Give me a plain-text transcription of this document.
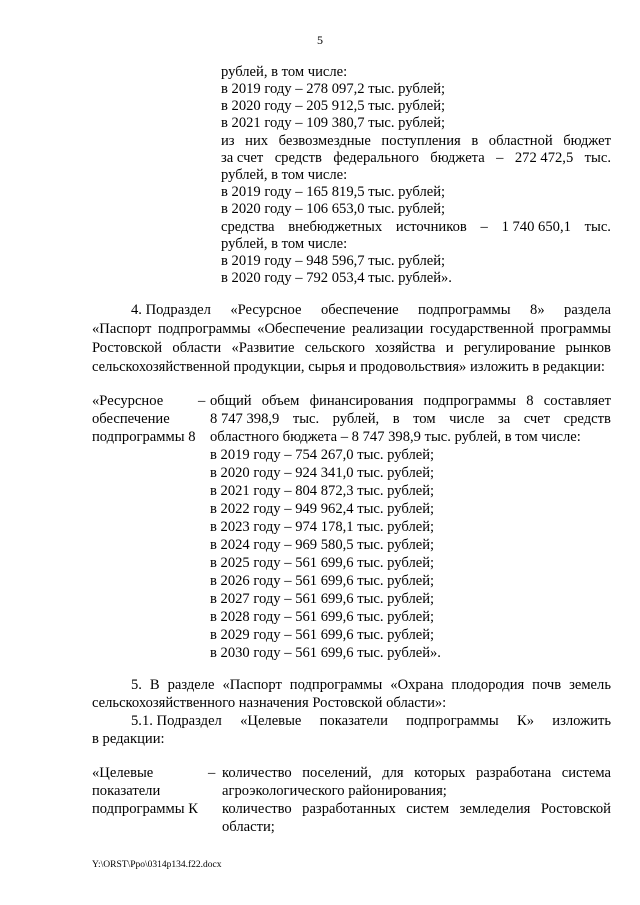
5
рублей, в том числе:
в 2019 году – 278 097,2 тыс. рублей;
в 2020 году – 205 912,5 тыс. рублей;
в 2021 году – 109 380,7 тыс. рублей;
из них безвозмездные поступления в областной бюджет
за счет средств федерального бюджета – 272 472,5 тыс.
рублей, в том числе:
в 2019 году – 165 819,5 тыс. рублей;
в 2020 году – 106 653,0 тыс. рублей;
средства внебюджетных источников – 1 740 650,1 тыс.
рублей, в том числе:
в 2019 году – 948 596,7 тыс. рублей;
в 2020 году – 792 053,4 тыс. рублей».
4. Подраздел «Ресурсное обеспечение подпрограммы 8» раздела
«Паспорт подпрограммы «Обеспечение реализации государственной программы
Ростовской области «Развитие сельского хозяйства и регулирование рынков
сельскохозяйственной продукции, сырья и продовольствия» изложить в редакции:
«Ресурсное
обеспечение
подпрограммы 8
– общий объем финансирования подпрограммы 8 составляет
8 747 398,9 тыс. рублей, в том числе за счет средств
областного бюджета – 8 747 398,9 тыс. рублей, в том числе:
в 2019 году – 754 267,0 тыс. рублей;
в 2020 году – 924 341,0 тыс. рублей;
в 2021 году – 804 872,3 тыс. рублей;
в 2022 году – 949 962,4 тыс. рублей;
в 2023 году – 974 178,1 тыс. рублей;
в 2024 году – 969 580,5 тыс. рублей;
в 2025 году – 561 699,6 тыс. рублей;
в 2026 году – 561 699,6 тыс. рублей;
в 2027 году – 561 699,6 тыс. рублей;
в 2028 году – 561 699,6 тыс. рублей;
в 2029 году – 561 699,6 тыс. рублей;
в 2030 году – 561 699,6 тыс. рублей».
5. В разделе «Паспорт подпрограммы «Охрана плодородия почв земель
сельскохозяйственного назначения Ростовской области»:
5.1. Подраздел «Целевые показатели подпрограммы К» изложить
в редакции:
«Целевые
показатели
подпрограммы К
– количество поселений, для которых разработана система
агроэкологического районирования;
количество разработанных систем земледелия Ростовской
области;
Y:\ORST\Ppo\0314p134.f22.docx
